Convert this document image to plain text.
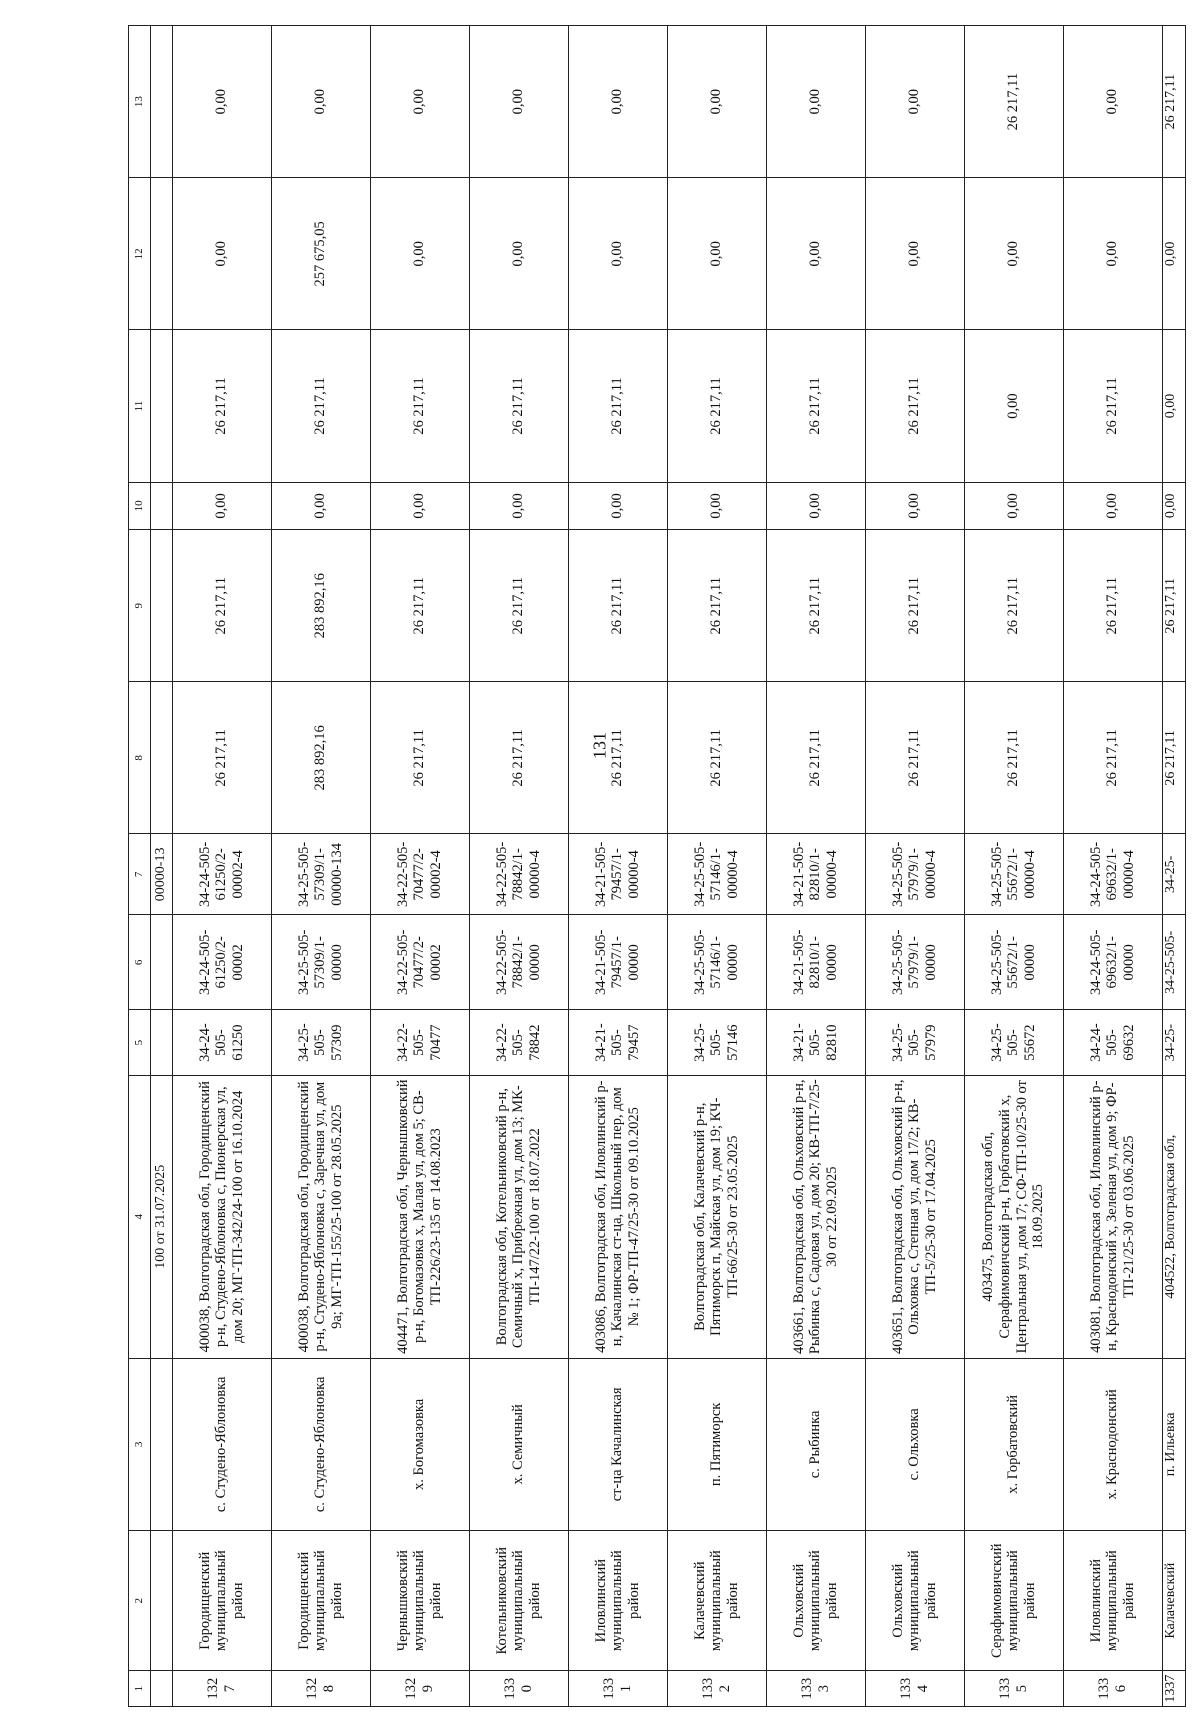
131
1	2	3	4	5	6	7	8	9	10	11	12	13
			100 от 31.07.2025			00000-13						
1327	Городищенский муниципальный район	с. Студено-Яблоновка	400038, Волгоградская обл, Городищенский р-н, Студено-Яблоновка с, Пионерская ул, дом 20; МГ-ТП-342/24-100 от 16.10.2024	34-24-505-61250	34-24-505-61250/2-00002	34-24-505-61250/2-00002-4	26 217,11	26 217,11	0,00	26 217,11	0,00	0,00
1328	Городищенский муниципальный район	с. Студено-Яблоновка	400038, Волгоградская обл, Городищенский р-н, Студено-Яблоновка с, Заречная ул, дом 9а; МГ-ТП-155/25-100 от 28.05.2025	34-25-505-57309	34-25-505-57309/1-00000	34-25-505-57309/1-00000-134	283 892,16	283 892,16	0,00	26 217,11	257 675,05	0,00
1329	Чернышковский муниципальный район	х. Богомазовка	404471, Волгоградская обл, Чернышковский р-н, Богомазовка х, Малая ул, дом 5; СВ-ТП-226/23-135 от 14.08.2023	34-22-505-70477	34-22-505-70477/2-00002	34-22-505-70477/2-00002-4	26 217,11	26 217,11	0,00	26 217,11	0,00	0,00
1330	Котельниковский муниципальный район	х. Семичный	Волгоградская обл, Котельниковский р-н, Семичный х, Прибрежная ул, дом 13; МК-ТП-147/22-100 от 18.07.2022	34-22-505-78842	34-22-505-78842/1-00000	34-22-505-78842/1-00000-4	26 217,11	26 217,11	0,00	26 217,11	0,00	0,00
1331	Иловлинский муниципальный район	ст-ца Качалинская	403086, Волгоградская обл, Иловлинский р-н, Качалинская ст-ца, Школьный пер, дом № 1; ФР-ТП-47/25-30 от 09.10.2025	34-21-505-79457	34-21-505-79457/1-00000	34-21-505-79457/1-00000-4	26 217,11	26 217,11	0,00	26 217,11	0,00	0,00
1332	Калачевский муниципальный район	п. Пятиморск	Волгоградская обл, Калачевский р-н, Пятиморск п, Майская ул, дом 19; КЧ-ТП-66/25-30 от 23.05.2025	34-25-505-57146	34-25-505-57146/1-00000	34-25-505-57146/1-00000-4	26 217,11	26 217,11	0,00	26 217,11	0,00	0,00
1333	Ольховский муниципальный район	с. Рыбинка	403661, Волгоградская обл, Ольховский р-н, Рыбинка с, Садовая ул, дом 20; КВ-ТП-7/25-30 от 22.09.2025	34-21-505-82810	34-21-505-82810/1-00000	34-21-505-82810/1-00000-4	26 217,11	26 217,11	0,00	26 217,11	0,00	0,00
1334	Ольховский муниципальный район	с. Ольховка	403651, Волгоградская обл, Ольховский р-н, Ольховка с, Степная ул, дом 17/2; КВ-ТП-5/25-30 от 17.04.2025	34-25-505-57979	34-25-505-57979/1-00000	34-25-505-57979/1-00000-4	26 217,11	26 217,11	0,00	26 217,11	0,00	0,00
1335	Серафимовичский муниципальный район	х. Горбатовский	403475, Волгоградская обл, Серафимовичский р-н, Горбатовский х, Центральная ул, дом 17; СФ-ТП-10/25-30 от 18.09.2025	34-25-505-55672	34-25-505-55672/1-00000	34-25-505-55672/1-00000-4	26 217,11	26 217,11	0,00	0,00	0,00	26 217,11
1336	Иловлинский муниципальный район	х. Краснодонский	403081, Волгоградская обл, Иловлинский р-н, Краснодонский х, Зеленая ул, дом 9; ФР-ТП-21/25-30 от 03.06.2025	34-24-505-69632	34-24-505-69632/1-00000	34-24-505-69632/1-00000-4	26 217,11	26 217,11	0,00	26 217,11	0,00	0,00
1337	Калачевский	п. Ильевка	404522, Волгоградская обл,	34-25-	34-25-505-	34-25-	26 217,11	26 217,11	0,00	0,00	0,00	26 217,11
